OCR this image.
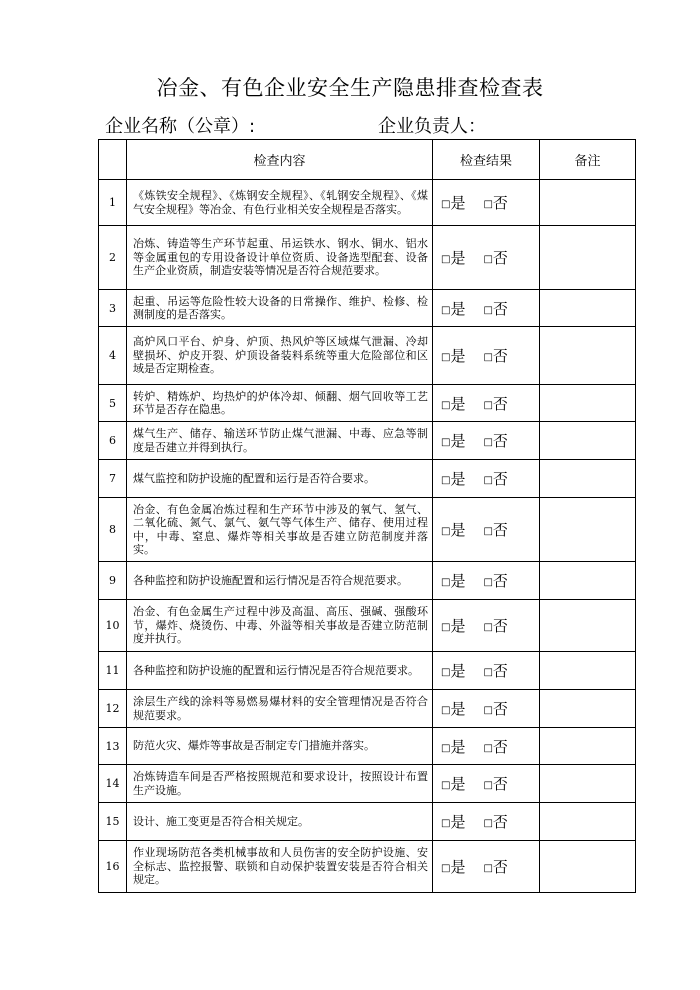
冶金、有色企业安全生产隐患排查检查表
企业名称（公章）:	企业负责人：
	检查内容	检查结果	备注
1	《炼铁安全规程》、《炼钢安全规程》、《轧钢安全规程》、《煤气安全规程》等冶金、有色行业相关安全规程是否落实。	□是 □否	
2	冶炼、铸造等生产环节起重、吊运铁水、钢水、铜水、铝水等金属重包的专用设备设计单位资质、设备选型配套、设备生产企业资质，制造安装等情况是否符合规范要求。	□是 □否	
3	起重、吊运等危险性较大设备的日常操作、维护、检修、检测制度的是否落实。	□是 □否	
4	高炉风口平台、炉身、炉顶、热风炉等区域煤气泄漏、冷却壁损坏、炉皮开裂、炉顶设备装料系统等重大危险部位和区域是否定期检查。	□是 □否	
5	转炉、精炼炉、均热炉的炉体冷却、倾翻、烟气回收等工艺环节是否存在隐患。	□是 □否	
6	煤气生产、储存、输送环节防止煤气泄漏、中毒、应急等制度是否建立并得到执行。	□是 □否	
7	煤气监控和防护设施的配置和运行是否符合要求。	□是 □否	
8	冶金、有色金属冶炼过程和生产环节中涉及的氧气、氢气、二氧化硫、氮气、氯气、氨气等气体生产、储存、使用过程中，中毒、窒息、爆炸等相关事故是否建立防范制度并落实。	□是 □否	
9	各种监控和防护设施配置和运行情况是否符合规范要求。	□是 □否	
10	冶金、有色金属生产过程中涉及高温、高压、强碱、强酸环节，爆炸、烧烫伤、中毒、外溢等相关事故是否建立防范制度并执行。	□是 □否	
11	各种监控和防护设施的配置和运行情况是否符合规范要求。	□是 □否	
12	涂层生产线的涂料等易燃易爆材料的安全管理情况是否符合规范要求。	□是 □否	
13	防范火灾、爆炸等事故是否制定专门措施并落实。	□是 □否	
14	冶炼铸造车间是否严格按照规范和要求设计，按照设计布置生产设施。	□是 □否	
15	设计、施工变更是否符合相关规定。	□是 □否	
16	作业现场防范各类机械事故和人员伤害的安全防护设施、安全标志、监控报警、联锁和自动保护装置安装是否符合相关规定。	□是 □否	
